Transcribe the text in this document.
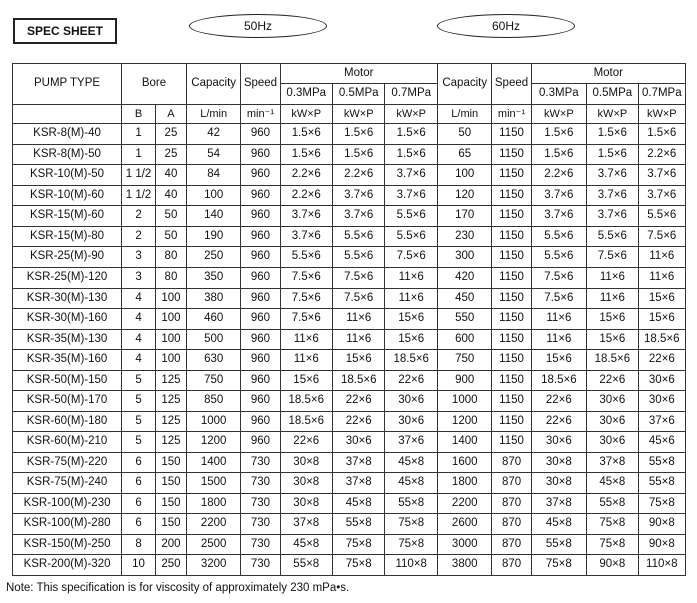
SPEC SHEET	50Hz	60Hz
PUMP TYPE	Bore		Capacity	Speed	Motor			Capacity	Speed	Motor		
					0.3MPa	0.5MPa	0.7MPa			0.3MPa	0.5MPa	0.7MPa
	B	A	L/min	min⁻¹	kW×P	kW×P	kW×P	L/min	min⁻¹	kW×P	kW×P	kW×P
KSR-8(M)-40	1	25	42	960	1.5×6	1.5×6	1.5×6	50	1150	1.5×6	1.5×6	1.5×6
KSR-8(M)-50	1	25	54	960	1.5×6	1.5×6	1.5×6	65	1150	1.5×6	1.5×6	2.2×6
KSR-10(M)-50	1 1/2	40	84	960	2.2×6	2.2×6	3.7×6	100	1150	2.2×6	3.7×6	3.7×6
KSR-10(M)-60	1 1/2	40	100	960	2.2×6	3.7×6	3.7×6	120	1150	3.7×6	3.7×6	3.7×6
KSR-15(M)-60	2	50	140	960	3.7×6	3.7×6	5.5×6	170	1150	3.7×6	3.7×6	5.5×6
KSR-15(M)-80	2	50	190	960	3.7×6	5.5×6	5.5×6	230	1150	5.5×6	5.5×6	7.5×6
KSR-25(M)-90	3	80	250	960	5.5×6	5.5×6	7.5×6	300	1150	5.5×6	7.5×6	11×6
KSR-25(M)-120	3	80	350	960	7.5×6	7.5×6	11×6	420	1150	7.5×6	11×6	11×6
KSR-30(M)-130	4	100	380	960	7.5×6	7.5×6	11×6	450	1150	7.5×6	11×6	15×6
KSR-30(M)-160	4	100	460	960	7.5×6	11×6	15×6	550	1150	11×6	15×6	15×6
KSR-35(M)-130	4	100	500	960	11×6	11×6	15×6	600	1150	11×6	15×6	18.5×6
KSR-35(M)-160	4	100	630	960	11×6	15×6	18.5×6	750	1150	15×6	18.5×6	22×6
KSR-50(M)-150	5	125	750	960	15×6	18.5×6	22×6	900	1150	18.5×6	22×6	30×6
KSR-50(M)-170	5	125	850	960	18.5×6	22×6	30×6	1000	1150	22×6	30×6	30×6
KSR-60(M)-180	5	125	1000	960	18.5×6	22×6	30×6	1200	1150	22×6	30×6	37×6
KSR-60(M)-210	5	125	1200	960	22×6	30×6	37×6	1400	1150	30×6	30×6	45×6
KSR-75(M)-220	6	150	1400	730	30×8	37×8	45×8	1600	870	30×8	37×8	55×8
KSR-75(M)-240	6	150	1500	730	30×8	37×8	45×8	1800	870	30×8	45×8	55×8
KSR-100(M)-230	6	150	1800	730	30×8	45×8	55×8	2200	870	37×8	55×8	75×8
KSR-100(M)-280	6	150	2200	730	37×8	55×8	75×8	2600	870	45×8	75×8	90×8
KSR-150(M)-250	8	200	2500	730	45×8	75×8	75×8	3000	870	55×8	75×8	90×8
KSR-200(M)-320	10	250	3200	730	55×8	75×8	110×8	3800	870	75×8	90×8	110×8
Note: This specification is for viscosity of approximately 230 mPa•s.
